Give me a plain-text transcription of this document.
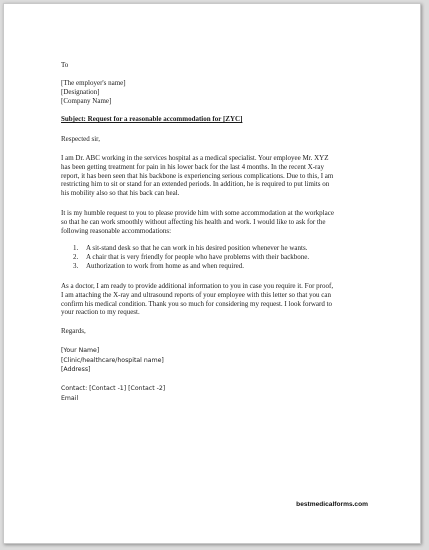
To
[The employer's name]
[Designation]
[Company Name]
Subject: Request for a reasonable accommodation for [ZYC]
Respected sir,
I am Dr. ABC working in the services hospital as a medical specialist. Your employee Mr. XYZ
has been getting treatment for pain in his lower back for the last 4 months. In the recent X-ray
report, it has been seen that his backbone is experiencing serious complications. Due to this, I am
restricting him to sit or stand for an extended periods. In addition, he is required to put limits on
his mobility also so that his back can heal.
It is my humble request to you to please provide him with some accommodation at the workplace
so that he can work smoothly without affecting his health and work. I would like to ask for the
following reasonable accommodations:
1. A sit-stand desk so that he can work in his desired position whenever he wants.
2. A chair that is very friendly for people who have problems with their backbone.
3. Authorization to work from home as and when required.
As a doctor, I am ready to provide additional information to you in case you require it. For proof,
I am attaching the X-ray and ultrasound reports of your employee with this letter so that you can
confirm his medical condition. Thank you so much for considering my request. I look forward to
your reaction to my request.
Regards,
[Your Name]
[Clinic/healthcare/hospital name]
[Address]
Contact: [Contact -1] [Contact -2]
Email
bestmedicalforms.com
